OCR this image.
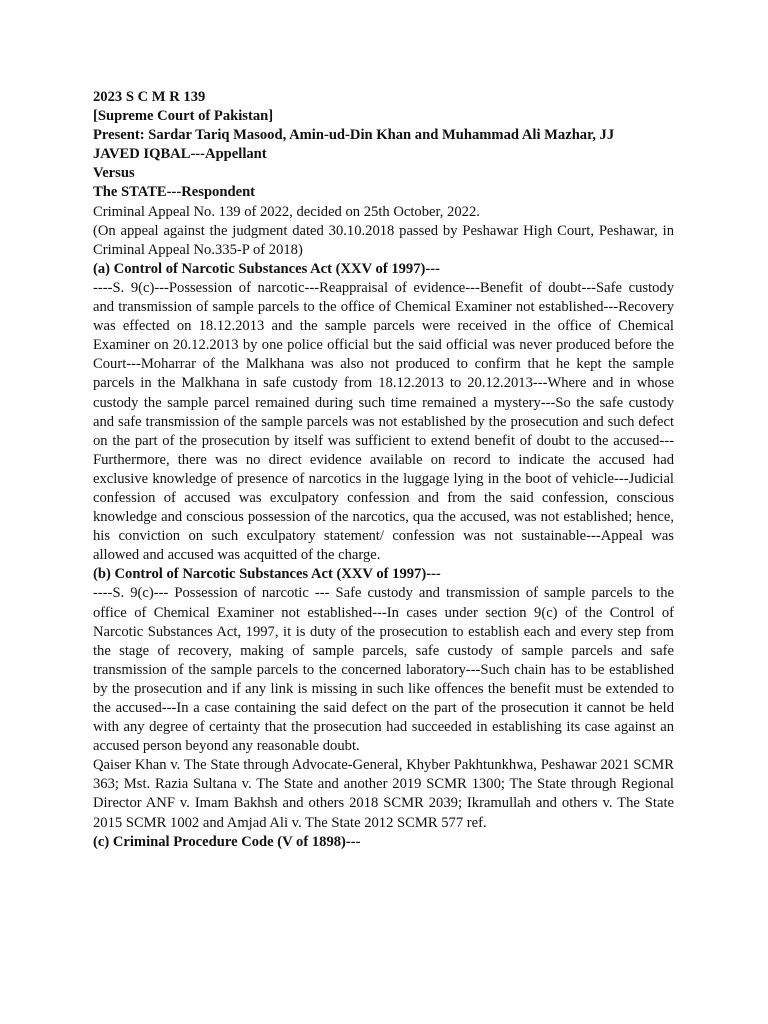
2023 S C M R 139
[Supreme Court of Pakistan]
Present: Sardar Tariq Masood, Amin-ud-Din Khan and Muhammad Ali Mazhar, JJ
JAVED IQBAL---Appellant
Versus
The STATE---Respondent
Criminal Appeal No. 139 of 2022, decided on 25th October, 2022.
(On appeal against the judgment dated 30.10.2018 passed by Peshawar High Court, Peshawar, in Criminal Appeal No.335-P of 2018)
(a) Control of Narcotic Substances Act (XXV of 1997)---
----S. 9(c)---Possession of narcotic---Reappraisal of evidence---Benefit of doubt---Safe custody and transmission of sample parcels to the office of Chemical Examiner not established---Recovery was effected on 18.12.2013 and the sample parcels were received in the office of Chemical Examiner on 20.12.2013 by one police official but the said official was never produced before the Court---Moharrar of the Malkhana was also not produced to confirm that he kept the sample parcels in the Malkhana in safe custody from 18.12.2013 to 20.12.2013---Where and in whose custody the sample parcel remained during such time remained a mystery---So the safe custody and safe transmission of the sample parcels was not established by the prosecution and such defect on the part of the prosecution by itself was sufficient to extend benefit of doubt to the accused---Furthermore, there was no direct evidence available on record to indicate the accused had exclusive knowledge of presence of narcotics in the luggage lying in the boot of vehicle---Judicial confession of accused was exculpatory confession and from the said confession, conscious knowledge and conscious possession of the narcotics, qua the accused, was not established; hence, his conviction on such exculpatory statement/ confession was not sustainable---Appeal was allowed and accused was acquitted of the charge.
(b) Control of Narcotic Substances Act (XXV of 1997)---
----S. 9(c)--- Possession of narcotic --- Safe custody and transmission of sample parcels to the office of Chemical Examiner not established---In cases under section 9(c) of the Control of Narcotic Substances Act, 1997, it is duty of the prosecution to establish each and every step from the stage of recovery, making of sample parcels, safe custody of sample parcels and safe transmission of the sample parcels to the concerned laboratory---Such chain has to be established by the prosecution and if any link is missing in such like offences the benefit must be extended to the accused---In a case containing the said defect on the part of the prosecution it cannot be held with any degree of certainty that the prosecution had succeeded in establishing its case against an accused person beyond any reasonable doubt.
Qaiser Khan v. The State through Advocate-General, Khyber Pakhtunkhwa, Peshawar 2021 SCMR 363; Mst. Razia Sultana v. The State and another 2019 SCMR 1300; The State through Regional Director ANF v. Imam Bakhsh and others 2018 SCMR 2039; Ikramullah and others v. The State 2015 SCMR 1002 and Amjad Ali v. The State 2012 SCMR 577 ref.
(c) Criminal Procedure Code (V of 1898)---
